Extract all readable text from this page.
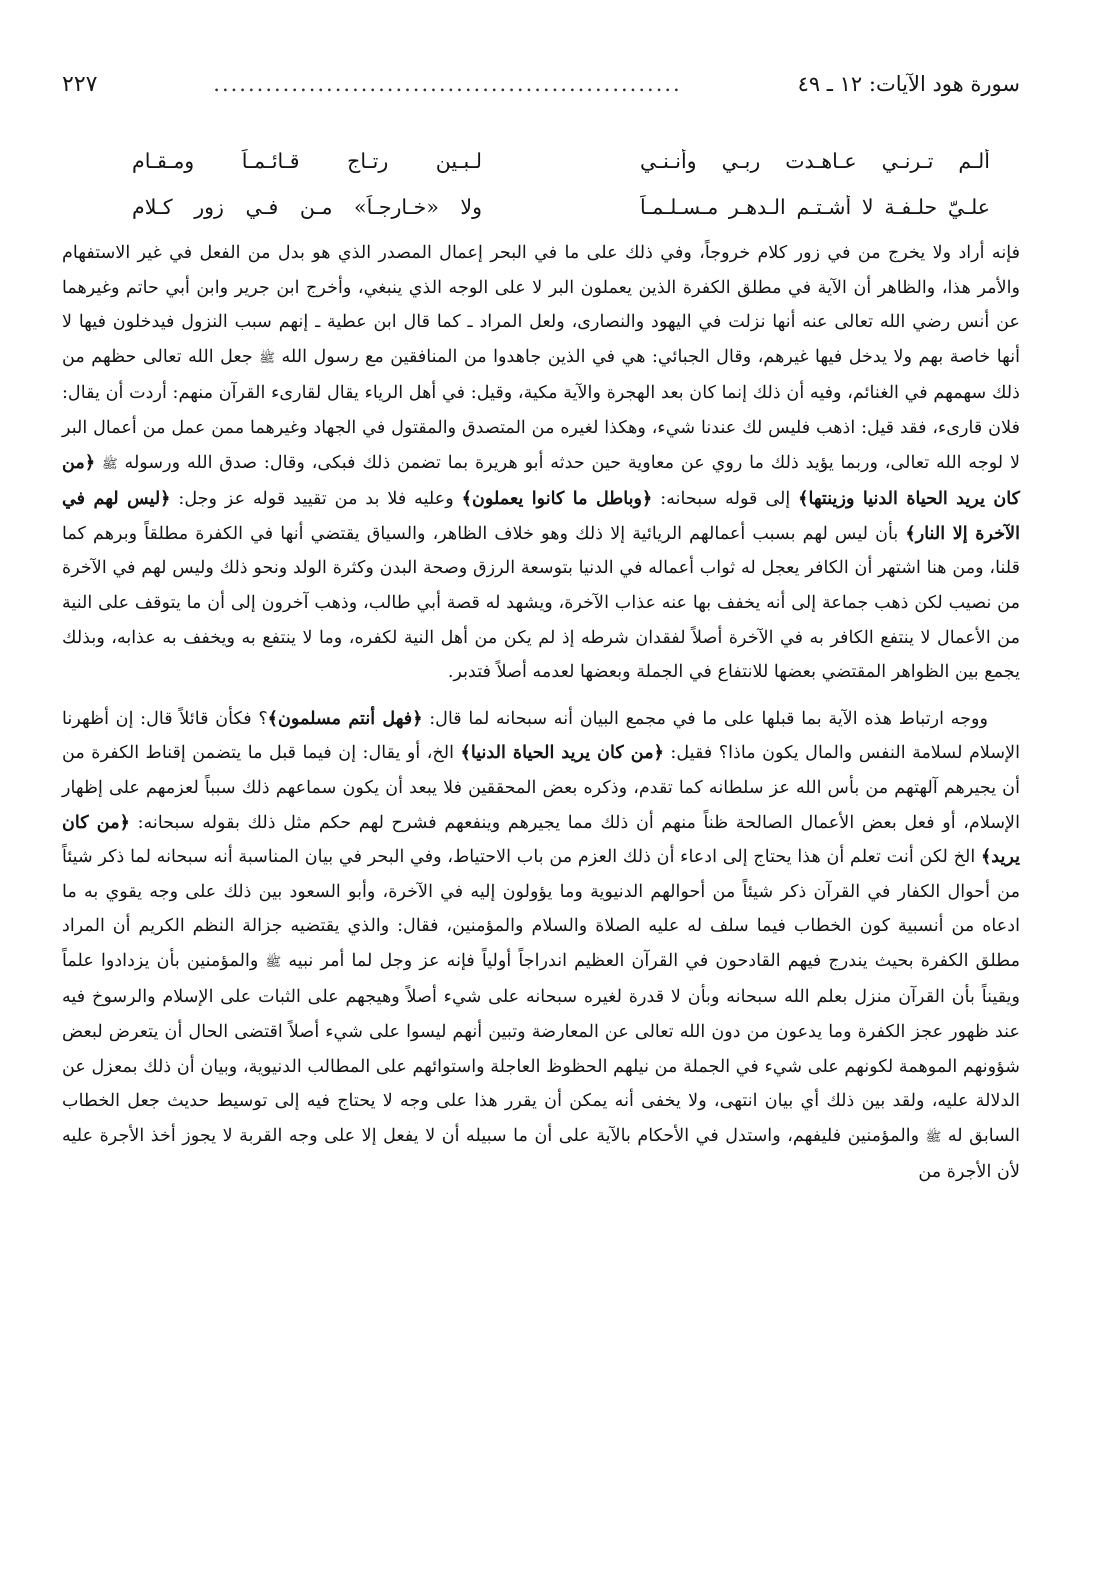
سورة هود الآيات: ١٢ ـ ٤٩
......................................................
٢٢٧
ألـم تـرنـي عـاهـدت ربـي وأنـنـي
لـبـين رتـاج قـائـمـاً ومـقـام
علـيّ حلـفـة لا أشـتـم الـدهـر مـسـلـمـاً
ولا «خـارجـاً» مـن فـي زور كـلام

فإنه أراد ولا يخرج من في زور كلام خروجاً، وفي ذلك على ما في البحر إعمال المصدر الذي هو بدل من الفعل في غير الاستفهام والأمر هذا، والظاهر أن الآية في مطلق الكفرة الذين يعملون البر لا على الوجه الذي ينبغي، وأخرج ابن جرير وابن أبي حاتم وغيرهما عن أنس رضي الله تعالى عنه أنها نزلت في اليهود والنصارى، ولعل المراد ـ كما قال ابن عطية ـ إنهم سبب النزول فيدخلون فيها لا أنها خاصة بهم ولا يدخل فيها غيرهم، وقال الجبائي: هي في الذين جاهدوا من المنافقين مع رسول الله ﷺ جعل الله تعالى حظهم من ذلك سهمهم في الغنائم، وفيه أن ذلك إنما كان بعد الهجرة والآية مكية، وقيل: في أهل الرياء يقال لقارىء القرآن منهم: أردت أن يقال: فلان قارىء، فقد قيل: اذهب فليس لك عندنا شيء، وهكذا لغيره من المتصدق والمقتول في الجهاد وغيرهما ممن عمل من أعمال البر لا لوجه الله تعالى، وربما يؤيد ذلك ما روي عن معاوية حين حدثه أبو هريرة بما تضمن ذلك فبكى، وقال: صدق الله ورسوله ﷺ ﴿من كان يريد الحياة الدنيا وزينتها﴾ إلى قوله سبحانه: ﴿وباطل ما كانوا يعملون﴾ وعليه فلا بد من تقييد قوله عز وجل: ﴿ليس لهم في الآخرة إلا النار﴾ بأن ليس لهم بسبب أعمالهم الريائية إلا ذلك وهو خلاف الظاهر، والسياق يقتضي أنها في الكفرة مطلقاً وبرهم كما قلنا، ومن هنا اشتهر أن الكافر يعجل له ثواب أعماله في الدنيا بتوسعة الرزق وصحة البدن وكثرة الولد ونحو ذلك وليس لهم في الآخرة من نصيب لكن ذهب جماعة إلى أنه يخفف بها عنه عذاب الآخرة، ويشهد له قصة أبي طالب، وذهب آخرون إلى أن ما يتوقف على النية من الأعمال لا ينتفع الكافر به في الآخرة أصلاً لفقدان شرطه إذ لم يكن من أهل النية لكفره، وما لا ينتفع به ويخفف به عذابه، وبذلك يجمع بين الظواهر المقتضي بعضها للانتفاع في الجملة وبعضها لعدمه أصلاً فتدبر.

ووجه ارتباط هذه الآية بما قبلها على ما في مجمع البيان أنه سبحانه لما قال: ﴿فهل أنتم مسلمون﴾؟ فكأن قائلاً قال: إن أظهرنا الإسلام لسلامة النفس والمال يكون ماذا؟ فقيل: ﴿من كان يريد الحياة الدنيا﴾ الخ، أو يقال: إن فيما قبل ما يتضمن إقناط الكفرة من أن يجيرهم آلهتهم من بأس الله عز سلطانه كما تقدم، وذكره بعض المحققين فلا يبعد أن يكون سماعهم ذلك سبباً لعزمهم على إظهار الإسلام، أو فعل بعض الأعمال الصالحة ظناً منهم أن ذلك مما يجيرهم وينفعهم فشرح لهم حكم مثل ذلك بقوله سبحانه: ﴿من كان يريد﴾ الخ لكن أنت تعلم أن هذا يحتاج إلى ادعاء أن ذلك العزم من باب الاحتياط، وفي البحر في بيان المناسبة أنه سبحانه لما ذكر شيئاً من أحوال الكفار في القرآن ذكر شيئاً من أحوالهم الدنيوية وما يؤولون إليه في الآخرة، وأبو السعود بين ذلك على وجه يقوي به ما ادعاه من أنسبية كون الخطاب فيما سلف له عليه الصلاة والسلام والمؤمنين، فقال: والذي يقتضيه جزالة النظم الكريم أن المراد مطلق الكفرة بحيث يندرج فيهم القادحون في القرآن العظيم اندراجاً أولياً فإنه عز وجل لما أمر نبيه ﷺ والمؤمنين بأن يزدادوا علماً ويقيناً بأن القرآن منزل بعلم الله سبحانه وبأن لا قدرة لغيره سبحانه على شيء أصلاً وهيجهم على الثبات على الإسلام والرسوخ فيه عند ظهور عجز الكفرة وما يدعون من دون الله تعالى عن المعارضة وتبين أنهم ليسوا على شيء أصلاً اقتضى الحال أن يتعرض لبعض شؤونهم الموهمة لكونهم على شيء في الجملة من نيلهم الحظوظ العاجلة واستوائهم على المطالب الدنيوية، وبيان أن ذلك بمعزل عن الدلالة عليه، ولقد بين ذلك أي بيان انتهى، ولا يخفى أنه يمكن أن يقرر هذا على وجه لا يحتاج فيه إلى توسيط حديث جعل الخطاب السابق له ﷺ والمؤمنين فليفهم، واستدل في الأحكام بالآية على أن ما سبيله أن لا يفعل إلا على وجه القربة لا يجوز أخذ الأجرة عليه لأن الأجرة من
